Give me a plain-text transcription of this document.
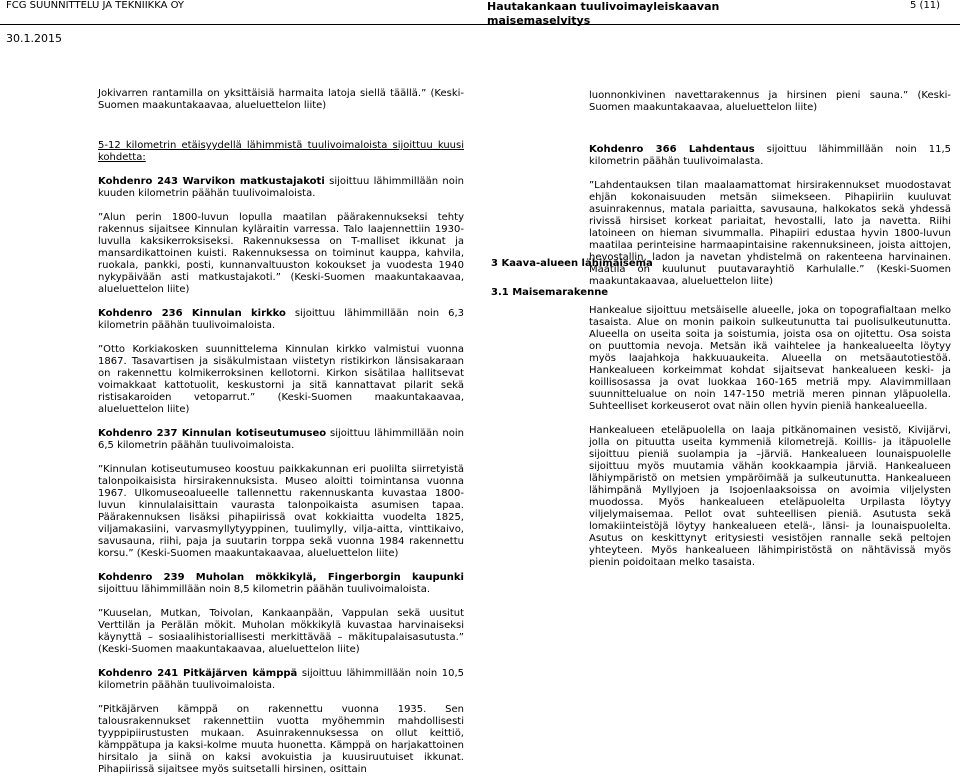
FCG SUUNNITTELU JA TEKNIIKKA OY	Hautakankaan tuulivoimayleiskaavan maisemaselvitys
5 (11)
30.1.2015

Jokivarren rantamilla on yksittäisiä harmaita latoja siellä täällä.” (Keski-Suomen maakuntakaavaa, alueluettelon liite)

5-12 kilometrin etäisyydellä lähimmistä tuulivoimaloista sijoittuu kuusi kohdetta:

Kohdenro 243 Warvikon matkustajakoti sijoittuu lähimmillään noin kuuden kilometrin päähän tuulivoimaloista.

”Alun perin 1800-luvun lopulla maatilan päärakennukseksi tehty rakennus sijaitsee Kinnulan kyläraitin varressa. Talo laajennettiin 1930-luvulla kaksikerroksiseksi. Rakennuksessa on T-malliset ikkunat ja mansardikattoinen kuisti. Rakennuksessa on toiminut kauppa, kahvila, ruokala, pankki, posti, kunnanvaltuuston kokoukset ja vuodesta 1940 nykypäivään asti matkustajakoti.” (Keski-Suomen maakuntakaavaa, alueluettelon liite)

Kohdenro 236 Kinnulan kirkko sijoittuu lähimmillään noin 6,3 kilometrin päähän tuulivoimaloista.

”Otto Korkiakosken suunnittelema Kinnulan kirkko valmistui vuonna 1867. Tasavartisen ja sisäkulmistaan viistetyn ristikirkon länsisakaraan on rakennettu kolmikerroksinen kellotorni. Kirkon sisätilaa hallitsevat voimakkaat kattotuolit, keskustorni ja sitä kannattavat pilarit sekä ristisakaroiden vetoparrut.” (Keski-Suomen maakuntakaavaa, alueluettelon liite)

Kohdenro 237 Kinnulan kotiseutumuseo sijoittuu lähimmillään noin 6,5 kilometrin päähän tuulivoimaloista.

”Kinnulan kotiseutumuseo koostuu paikkakunnan eri puolilta siirretyistä talonpoikaisista hirsirakennuksista. Museo aloitti toimintansa vuonna 1967. Ulkomuseoalueelle tallennettu rakennuskanta kuvastaa 1800-luvun kinnulalaisittain vaurasta talonpoikaista asumisen tapaa. Päärakennuksen lisäksi pihapiirissä ovat kokkiaitta vuodelta 1825, viljamakasiini, varvasmyllytyyppinen, tuulimylly, vilja-aitta, vinttikaivo, savusauna, riihi, paja ja suutarin torppa sekä vuonna 1984 rakennettu korsu.” (Keski-Suomen maakuntakaavaa, alueluettelon liite)

Kohdenro 239 Muholan mökkikylä, Fingerborgin kaupunki sijoittuu lähimmillään noin 8,5 kilometrin päähän tuulivoimaloista.

”Kuuselan, Mutkan, Toivolan, Kankaanpään, Vappulan sekä uusitut Verttilän ja Perälän mökit. Muholan mökkikylä kuvastaa harvinaiseksi käynyttä – sosiaalihistoriallisesti merkittävää – mäkitupalaisasutusta.” (Keski-Suomen maakuntakaavaa, alueluettelon liite)

Kohdenro 241 Pitkäjärven kämppä sijoittuu lähimmillään noin 10,5 kilometrin päähän tuulivoimaloista.

”Pitkäjärven kämppä on rakennettu vuonna 1935. Sen talousrakennukset rakennettiin vuotta myöhemmin mahdollisesti tyyppipiirustusten mukaan. Asuinrakennuksessa on ollut keittiö, kämppätupa ja kaksi-kolme muuta huonetta. Kämppä on harjakattoinen hirsitalo ja siinä on kaksi avokuistia ja kuusiruutuiset ikkunat. Pihapiirissä sijaitsee myös suitsetalli hirsinen, osittain

luonnonkivinen navettarakennus ja hirsinen pieni sauna.” (Keski-Suomen maakuntakaavaa, alueluettelon liite)

Kohdenro 366 Lahdentaus sijoittuu lähimmillään noin 11,5 kilometrin päähän tuulivoimalasta.

”Lahdentauksen tilan maalaamattomat hirsirakennukset muodostavat ehjän kokonaisuuden metsän siimekseen. Pihapiiriin kuuluvat asuinrakennus, matala pariaitta, savusauna, halkokatos sekä yhdessä rivissä hirsiset korkeat pariaitat, hevostalli, lato ja navetta. Riihi latoineen on hieman sivummalla. Pihapiiri edustaa hyvin 1800-luvun maatilaa perinteisine harmaapintaisine rakennuksineen, joista aittojen, hevostallin, ladon ja navetan yhdistelmä on rakenteena harvinainen. Maatila on kuulunut puutavarayhtiö Karhulalle.” (Keski-Suomen maakuntakaavaa, alueluettelon liite)

3 Kaava-alueen lähimaisema
3.1 Maisemarakenne

Hankealue sijoittuu metsäiselle alueelle, joka on topografialtaan melko tasaista. Alue on monin paikoin sulkeutunutta tai puolisulkeutunutta. Alueella on useita soita ja soistumia, joista osa on ojitettu. Osa soista on puuttomia nevoja. Metsän ikä vaihtelee ja hankealueelta löytyy myös laajahkoja hakkuuaukeita. Alueella on metsäautotiestöä. Hankealueen korkeimmat kohdat sijaitsevat hankealueen keski- ja koillisosassa ja ovat luokkaa 160-165 metriä mpy. Alavimmillaan suunnittelualue on noin 147-150 metriä meren pinnan yläpuolella. Suhteelliset korkeuserot ovat näin ollen hyvin pieniä hankealueella.

Hankealueen eteläpuolella on laaja pitkänomainen vesistö, Kivijärvi, jolla on pituutta useita kymmeniä kilometrejä. Koillis- ja itäpuolelle sijoittuu pieniä suolampia ja –järviä. Hankealueen lounaispuolelle sijoittuu myös muutamia vähän kookkaampia järviä. Hankealueen lähiympäristö on metsien ympäröimää ja sulkeutunutta. Hankealueen lähimpänä Myllyjoen ja Isojoenlaaksoissa on avoimia viljelysten muodossa. Myös hankealueen eteläpuolelta Urpilasta löytyy viljelymaisemaa. Pellot ovat suhteellisen pieniä. Asutusta sekä lomakiinteistöjä löytyy hankealueen etelä-, länsi- ja lounaispuolelta. Asutus on keskittynyt eritysiesti vesistöjen rannalle sekä peltojen yhteyteen. Myös hankealueen lähimpiristöstä on nähtävissä myös pienin poidoitaan melko tasaista.
